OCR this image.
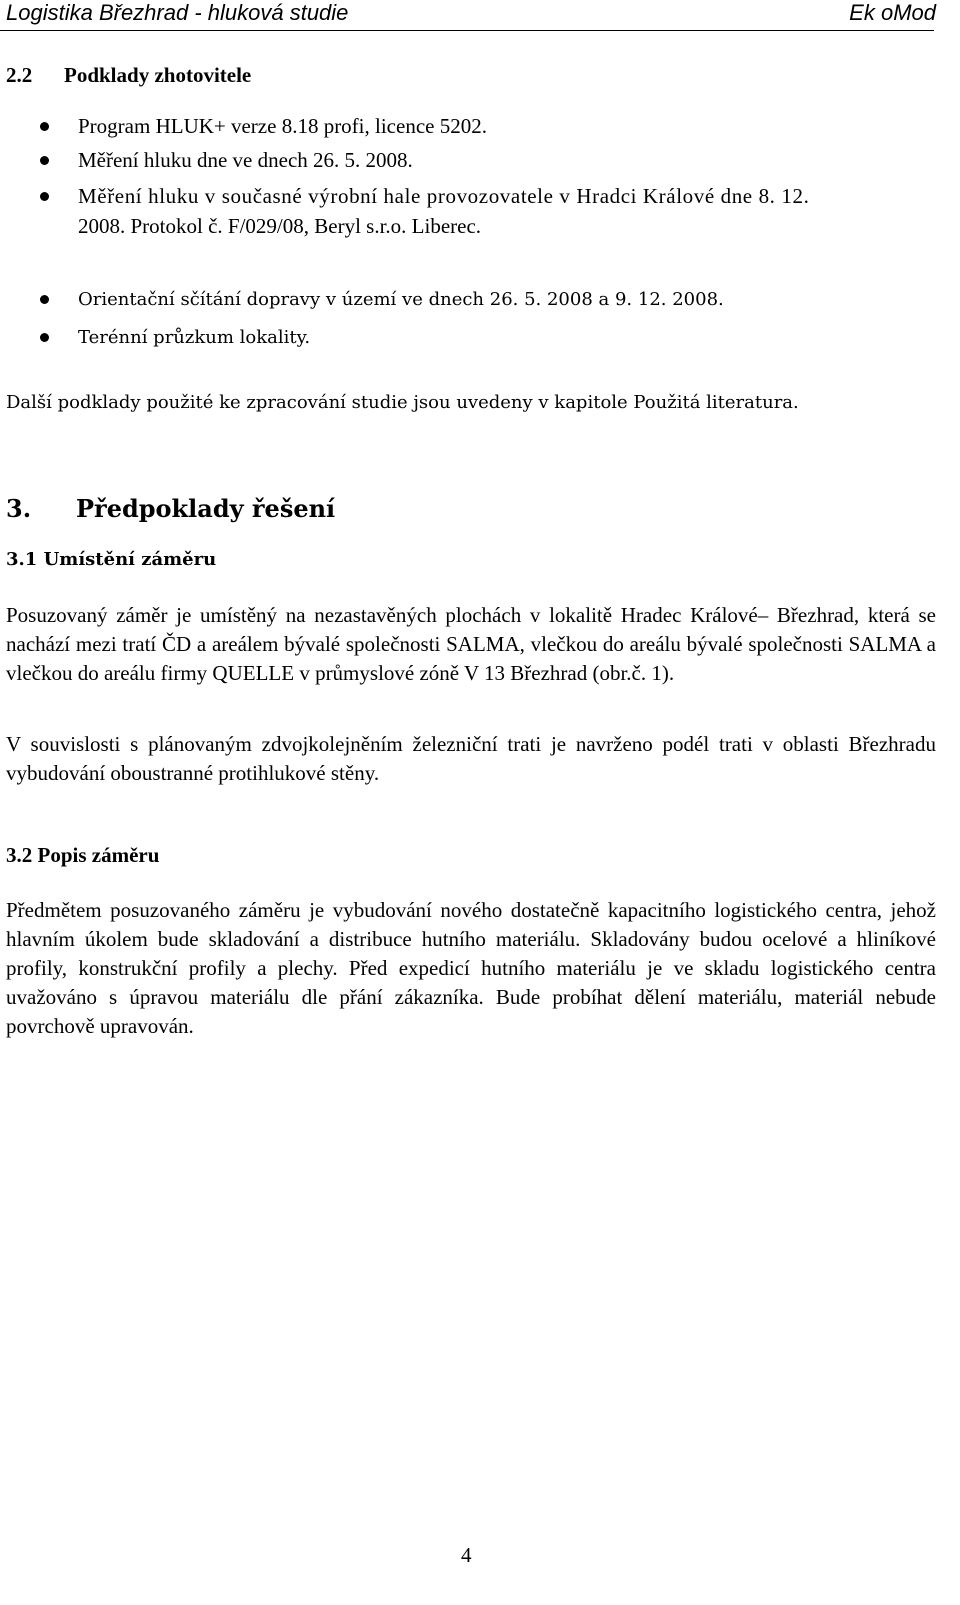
Logistika Březhrad - hluková studie	Ek oMod
2.2 Podklady zhotovitele
Program HLUK+ verze 8.18 profi, licence 5202.
Měření hluku dne ve dnech 26. 5. 2008.
Měření hluku v současné výrobní hale provozovatele v Hradci Králové dne 8. 12.
2008. Protokol č. F/029/08, Beryl s.r.o. Liberec.
Orientační sčítání dopravy v území ve dnech 26. 5. 2008 a 9. 12. 2008.
Terénní průzkum lokality.
Další podklady použité ke zpracování studie jsou uvedeny v kapitole Použitá literatura.
3. Předpoklady řešení
3.1 Umístění záměru
Posuzovaný záměr je umístěný na nezastavěných plochách v lokalitě Hradec Králové– Březhrad, která se nachází mezi tratí ČD a areálem bývalé společnosti SALMA, vlečkou do areálu bývalé společnosti SALMA a vlečkou do areálu firmy QUELLE v průmyslové zóně V 13 Březhrad (obr.č. 1).
V souvislosti s plánovaným zdvojkolejněním železniční trati je navrženo podél trati v oblasti Březhradu vybudování oboustranné protihlukové stěny.
3.2 Popis záměru
Předmětem posuzovaného záměru je vybudování nového dostatečně kapacitního logistického centra, jehož hlavním úkolem bude skladování a distribuce hutního materiálu. Skladovány budou ocelové a hliníkové profily, konstrukční profily a plechy. Před expedicí hutního materiálu je ve skladu logistického centra uvažováno s úpravou materiálu dle přání zákazníka. Bude probíhat dělení materiálu, materiál nebude povrchově upravován.
4
